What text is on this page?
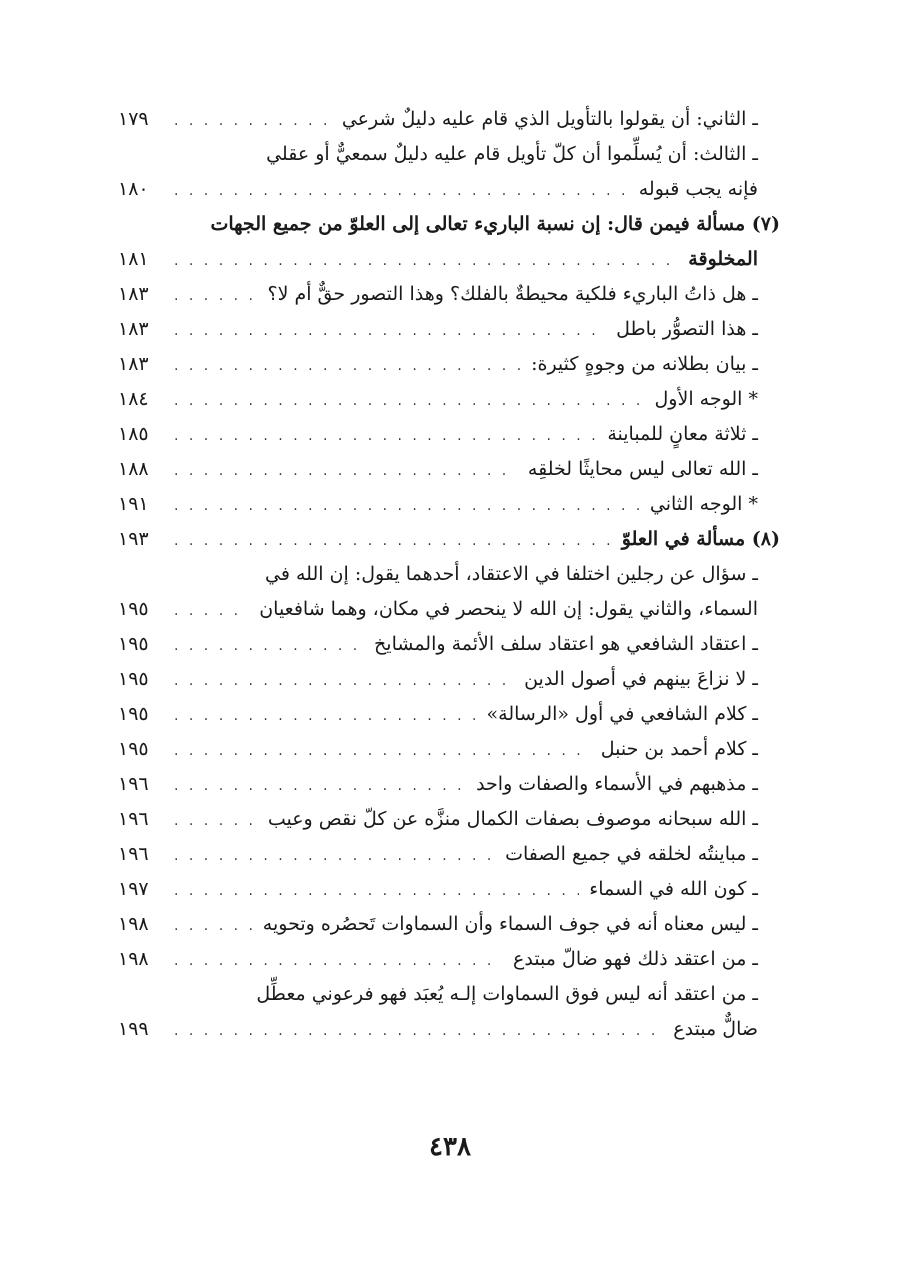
ـ الثاني: أن يقولوا بالتأويل الذي قام عليه دليلٌ شرعي
. . .
١٧٩
ـ الثالث: أن يُسلِّموا أن كلّ تأويل قام عليه دليلٌ سمعيٌّ أو عقلي
فإنه يجب قبوله
. . .
١٨٠
(٧) مسألة فيمن قال: إن نسبة الباريء تعالى إلى العلوّ من جميع الجهات
المخلوقة
. . .
١٨١
ـ هل ذاتُ الباريء فلكية محيطةٌ بالفلك؟ وهذا التصور حقٌّ أم لا؟
. . .
١٨٣
ـ هذا التصوُّر باطل
. . .
١٨٣
ـ بيان بطلانه من وجوهٍ كثيرة:
. . .
١٨٣
* الوجه الأول
. . .
١٨٤
ـ ثلاثة معانٍ للمباينة
. . .
١٨٥
ـ الله تعالى ليس محايثًا لخلقِه
. . .
١٨٨
* الوجه الثاني
. . .
١٩١
(٨) مسألة في العلوّ
. . .
١٩٣
ـ سؤال عن رجلين اختلفا في الاعتقاد، أحدهما يقول: إن الله في
السماء، والثاني يقول: إن الله لا ينحصر في مكان، وهما شافعيان
. . .
١٩٥
ـ اعتقاد الشافعي هو اعتقاد سلف الأئمة والمشايخ
. . .
١٩٥
ـ لا نزاعَ بينهم في أصول الدين
. . .
١٩٥
ـ كلام الشافعي في أول «الرسالة»
. . .
١٩٥
ـ كلام أحمد بن حنبل
. . .
١٩٥
ـ مذهبهم في الأسماء والصفات واحد
. . .
١٩٦
ـ الله سبحانه موصوف بصفات الكمال منزَّه عن كلّ نقص وعيب
. . .
١٩٦
ـ مباينتُه لخلقه في جميع الصفات
. . .
١٩٦
ـ كون الله في السماء
. . .
١٩٧
ـ ليس معناه أنه في جوف السماء وأن السماوات تَحصُره وتحويه
. . .
١٩٨
ـ من اعتقد ذلك فهو ضالّ مبتدع
. . .
١٩٨
ـ من اعتقد أنه ليس فوق السماوات إلـه يُعبَد فهو فرعوني معطِّل
ضالٌّ مبتدع
. . .
١٩٩
٤٣٨
